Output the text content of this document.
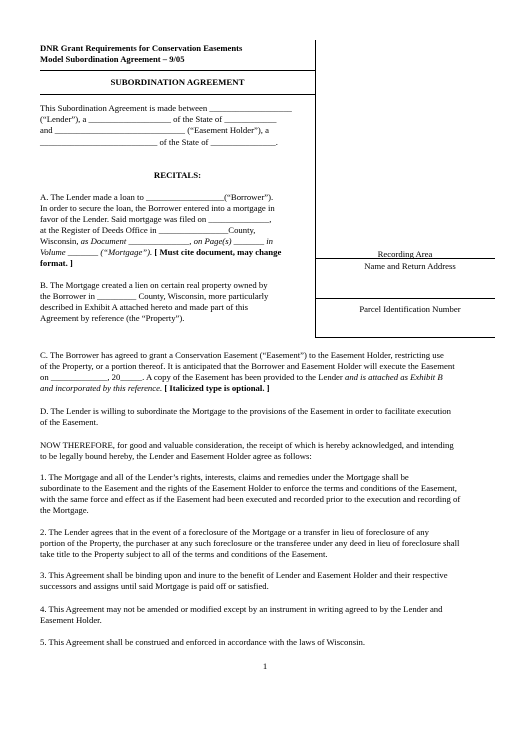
DNR Grant Requirements for Conservation Easements
Model Subordination Agreement – 9/05
SUBORDINATION AGREEMENT

This Subordination Agreement is made between ___________________

(“Lender”), a ___________________ of the State of ____________

and ______________________________ (“Easement Holder”), a

___________________________ of the State of _______________.

RECITALS:

A. The Lender made a loan to __________________(“Borrower”).

In order to secure the loan, the Borrower entered into a mortgage in

favor of the Lender. Said mortgage was filed on ______________,

at the Register of Deeds Office in ________________County,

Wisconsin, as Document ______________, on Page(s) _______ in

Volume _______ (“Mortgage”). [ Must cite document, may change

format. ]

Recording Area
Name and Return Address
Parcel Identification Number

B. The Mortgage created a lien on certain real property owned by

the Borrower in _________ County, Wisconsin, more particularly

described in Exhibit A attached hereto and made part of this

Agreement by reference (the “Property”).

C. The Borrower has agreed to grant a Conservation Easement (“Easement”) to the Easement Holder, restricting use

of the Property, or a portion thereof. It is anticipated that the Borrower and Easement Holder will execute the Easement

on _____________, 20_____. A copy of the Easement has been provided to the Lender and is attached as Exhibit B

and incorporated by this reference. [ Italicized type is optional. ]

D. The Lender is willing to subordinate the Mortgage to the provisions of the Easement in order to facilitate execution

of the Easement.

NOW THEREFORE, for good and valuable consideration, the receipt of which is hereby acknowledged, and intending

to be legally bound hereby, the Lender and Easement Holder agree as follows:

1. The Mortgage and all of the Lender’s rights, interests, claims and remedies under the Mortgage shall be

subordinate to the Easement and the rights of the Easement Holder to enforce the terms and conditions of the Easement,

with the same force and effect as if the Easement had been executed and recorded prior to the execution and recording of

the Mortgage.

2. The Lender agrees that in the event of a foreclosure of the Mortgage or a transfer in lieu of foreclosure of any

portion of the Property, the purchaser at any such foreclosure or the transferee under any deed in lieu of foreclosure shall

take title to the Property subject to all of the terms and conditions of the Easement.

3. This Agreement shall be binding upon and inure to the benefit of Lender and Easement Holder and their respective

successors and assigns until said Mortgage is paid off or satisfied.

4. This Agreement may not be amended or modified except by an instrument in writing agreed to by the Lender and

Easement Holder.

5. This Agreement shall be construed and enforced in accordance with the laws of Wisconsin.

1
